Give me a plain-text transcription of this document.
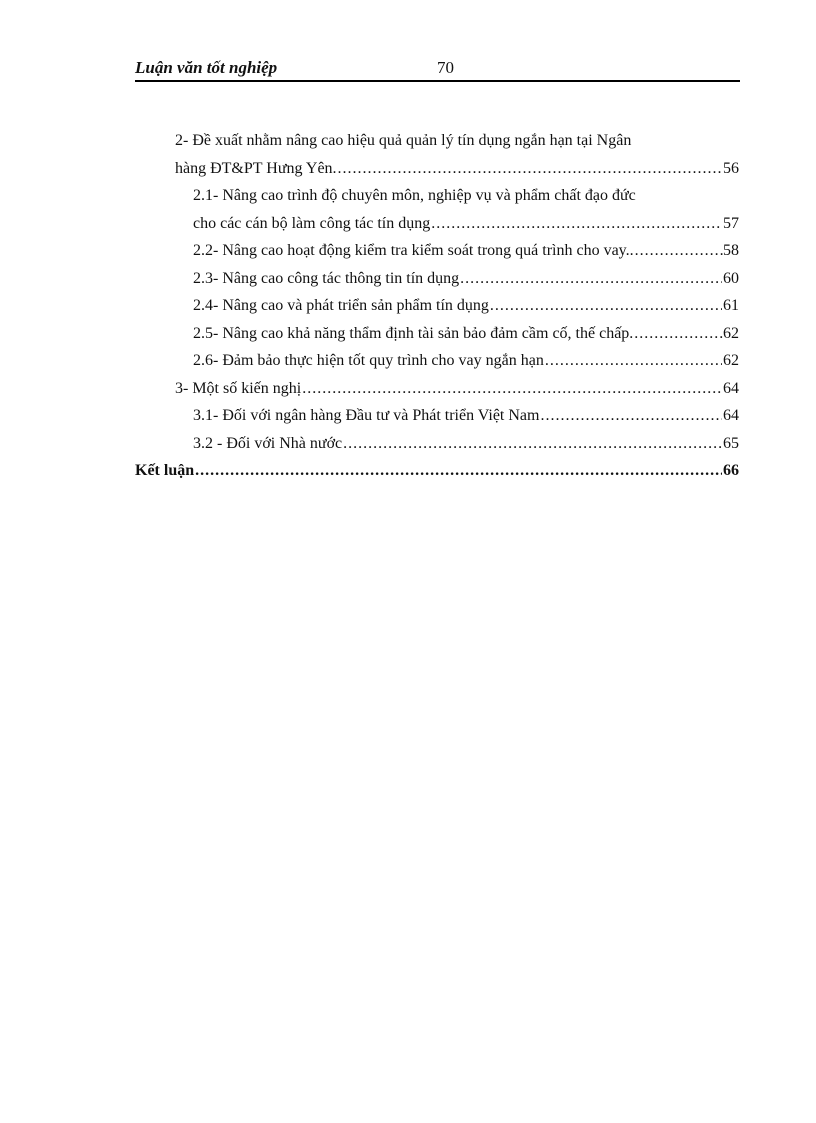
Luận văn tốt nghiệp	70
2- Đề xuất nhằm nâng cao hiệu quả quản lý tín dụng ngắn hạn tại Ngân
hàng ĐT&PT Hưng Yên. .....	56
2.1- Nâng cao trình độ chuyên môn, nghiệp vụ và phẩm chất đạo đức
cho các cán bộ làm công tác tín dụng .....	57
2.2- Nâng cao hoạt động kiểm tra kiểm soát trong quá trình cho vay. .....	58
2.3- Nâng cao công tác thông tin tín dụng .....	60
2.4- Nâng cao và phát triển sản phẩm tín dụng .....	61
2.5- Nâng cao khả năng thẩm định tài sản bảo đảm cầm cố, thế chấp .....	62
2.6- Đảm bảo thực hiện tốt quy trình cho vay ngắn hạn .....	62
3- Một số kiến nghị .....	64
3.1- Đối với ngân hàng Đầu tư và Phát triển Việt Nam .....	64
3.2 - Đối với Nhà nước .....	65
Kết luận .....	66
